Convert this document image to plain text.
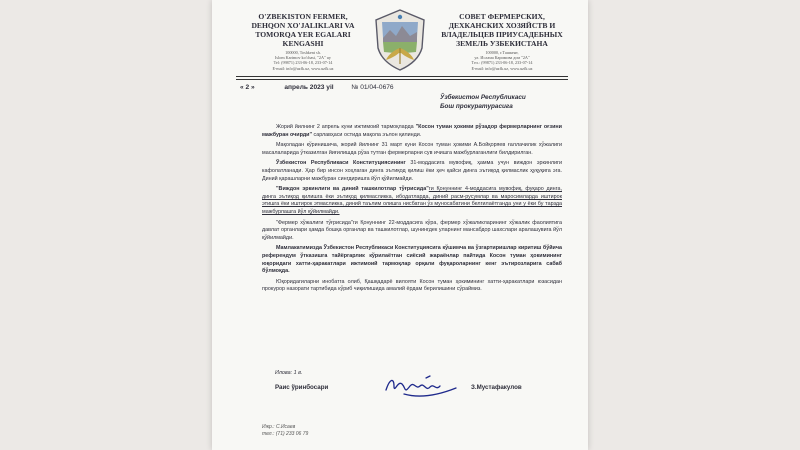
O'ZBEKISTON FERMER,
DEHQON XO'JALIKLARI VA
TOMORQA YER EGALARI
KENGASHI
100000, Toshkent sh.
Islom Karimov ko'chasi, "2A" uy
Tel: (99871) 233-06-18, 233-07-14
E-mail: info@uzfk.uz, www.uzfk.uz
СОВЕТ ФЕРМЕРСКИХ,
ДЕХКАНСКИХ ХОЗЯЙСТВ И
ВЛАДЕЛЬЦЕВ ПРИУСАДЕБНЫХ
ЗЕМЕЛЬ УЗБЕКИСТАНА
100000, г.Ташкент,
ул. Ислама Каримова дом "2А"
Тел.: (99871) 233-06-18, 233-07-14
E-mail: info@uzfk.uz, www.uzfk.uz
« 2 »	апрель 2023 yil	№ 01/04-0676
Ўзбекистон Республикаси
Бош прокуратурасига

Жорий йилнинг 2 апрель куни ижтимоий тармоқларда "Косон туман ҳокими рўзадор фермерларнинг оғзини мажбуран очирди" сарлавҳаси остида мақола эълон қилинди.

Мақоладан кўринишича, жорий йилнинг 31 март куни Косон туман ҳокими А.Бойқоряев ғаллачилик хўжалиги масалаларида ўтказилган йиғилишда рўза тутган фермерларни сув ичишга мажбурлаганлиги билдирилган.

Ўзбекистон Республикаси Конституциясининг 31-моддасига мувофиқ, ҳамма учун виждон эркинлиги кафолатланади. Ҳар бир инсон хоҳлаган динга эътиқод қилиш ёки ҳеч қайси динга эътиқод қилмаслик ҳуқуқига эга. Диний қарашларни мажбуран сингдиришга йўл қўйилмайди.

"Виждон эркинлиги ва диний ташкилотлар тўғрисида"ги Қонуннинг 4-моддасига мувофиқ, фуқаро динга, динга эътиқод қилишга ёки эътиқод қилмасликка, ибодатларда, диний расм-русумлар ва маросимларда иштирок этишга ёки иштирок этмасликка, диний таълим олишга нисбатан ўз муносабатини белгилаётганда уни у ёки бу тарзда мажбурлашга йўл қўйилмайди.

"Фермер хўжалиги тўғрисида"ги Қонуннинг 22-моддасига кўра, фермер хўжаликларининг хўжалик фаолиятига давлат органлари ҳамда бошқа органлар ва ташкилотлар, шунингдек уларнинг мансабдор шахслари аралашувига йўл қўйилмайди.

Мамлакатимизда Ўзбекистон Республикаси Конституциясига кўшимча ва ўзгартиришлар киритиш бўйича референдум ўтказишга тайёргарлик кўрилаётган сиёсий жараёнлар пайтида Косон туман ҳокимининг юқоридаги хатти-ҳаракатлари ижтимоий тармоқлар орқали фуқароларнинг кенг эътирозларига сабаб бўлмоқда.

Юқоридагиларни инобатга олиб, Қашқадарё вилояти Косон туман ҳокимининг хатти-ҳаракатлари юзасидан прокурор назорати тартибида кўриб чиқилишида амалий ёрдам берилишини сўраймиз.

Илова: 1 в.
Раис ўринбосари	З.Мустафакулов
Ижр.: С.Исаев
тел.: (71) 233 06 79
